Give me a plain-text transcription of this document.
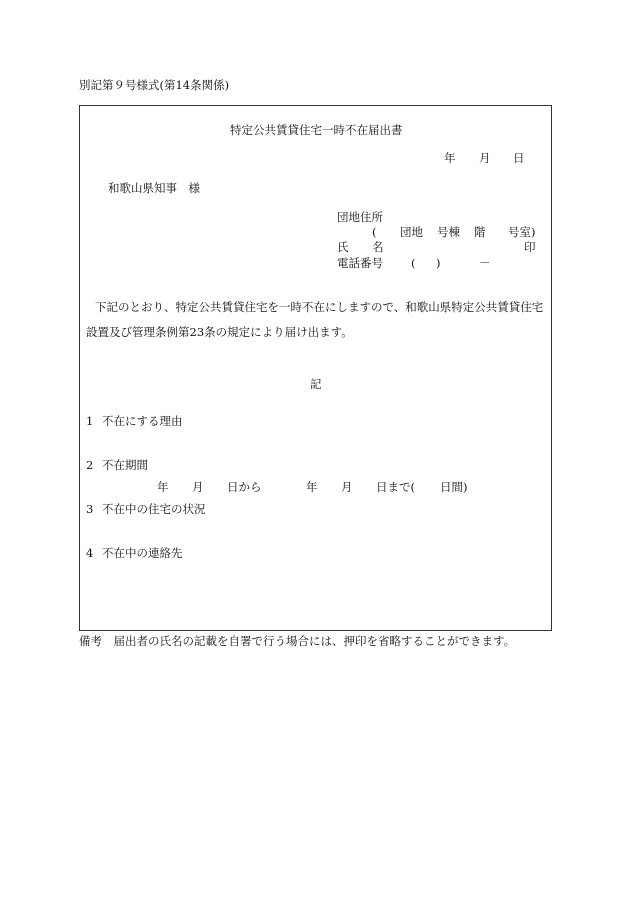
別記第９号様式(第14条関係)
特定公共賃貸住宅一時不在届出書
年 月 日
和歌山県知事　様
団地住所
( 団地 号棟 階 号室)
氏 名	印
電話番号 ( )	－
下記のとおり、特定公共賃貸住宅を一時不在にしますので、和歌山県特定公共賃貸住宅
設置及び管理条例第23条の規定により届け出ます。
記
1 不在にする理由
2 不在期間
年 月 日から	年 月 日まで( 日間)
3 不在中の住宅の状況
4 不在中の連絡先
備考　届出者の氏名の記載を自署で行う場合には、押印を省略することができます。
